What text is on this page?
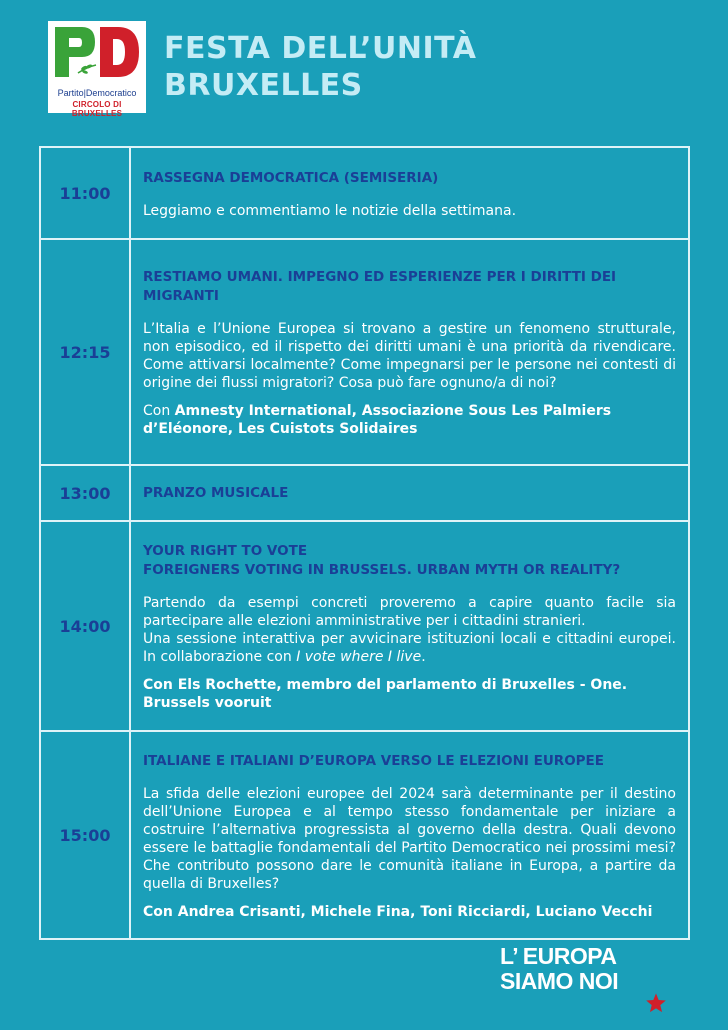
Partito|Democratico
CIRCOLO DI BRUXELLES
FESTA DELL’UNITÀ
BRUXELLES
11:00	RASSEGNA DEMOCRATICA (SEMISERIA)
Leggiamo e commentiamo le notizie della settimana.

12:15	RESTIAMO UMANI. IMPEGNO ED ESPERIENZE PER I DIRITTI DEI MIGRANTI
L’Italia e l’Unione Europea si trovano a gestire un fenomeno strutturale, non episodico, ed il rispetto dei diritti umani è una priorità da rivendicare. Come attivarsi localmente? Come impegnarsi per le persone nei contesti di origine dei flussi migratori? Cosa può fare ognuno/a di noi?
Con Amnesty International, Associazione Sous Les Palmiers d’Eléonore, Les Cuistots Solidaires

13:00	PRANZO MUSICALE

14:00	YOUR RIGHT TO VOTE
FOREIGNERS VOTING IN BRUSSELS. URBAN MYTH OR REALITY?
Partendo da esempi concreti proveremo a capire quanto facile sia partecipare alle elezioni amministrative per i cittadini stranieri.
Una sessione interattiva per avvicinare istituzioni locali e cittadini europei. In collaborazione con I vote where I live.
Con Els Rochette, membro del parlamento di Bruxelles - One. Brussels vooruit

15:00	ITALIANE E ITALIANI D’EUROPA VERSO LE ELEZIONI EUROPEE
La sfida delle elezioni europee del 2024 sarà determinante per il destino dell’Unione Europea e al tempo stesso fondamentale per iniziare a costruire l’alternativa progressista al governo della destra. Quali devono essere le battaglie fondamentali del Partito Democratico nei prossimi mesi? Che contributo possono dare le comunità italiane in Europa, a partire da quella di Bruxelles?
Con Andrea Crisanti, Michele Fina, Toni Ricciardi, Luciano Vecchi
L’ EUROPA
SIAMO NOI
